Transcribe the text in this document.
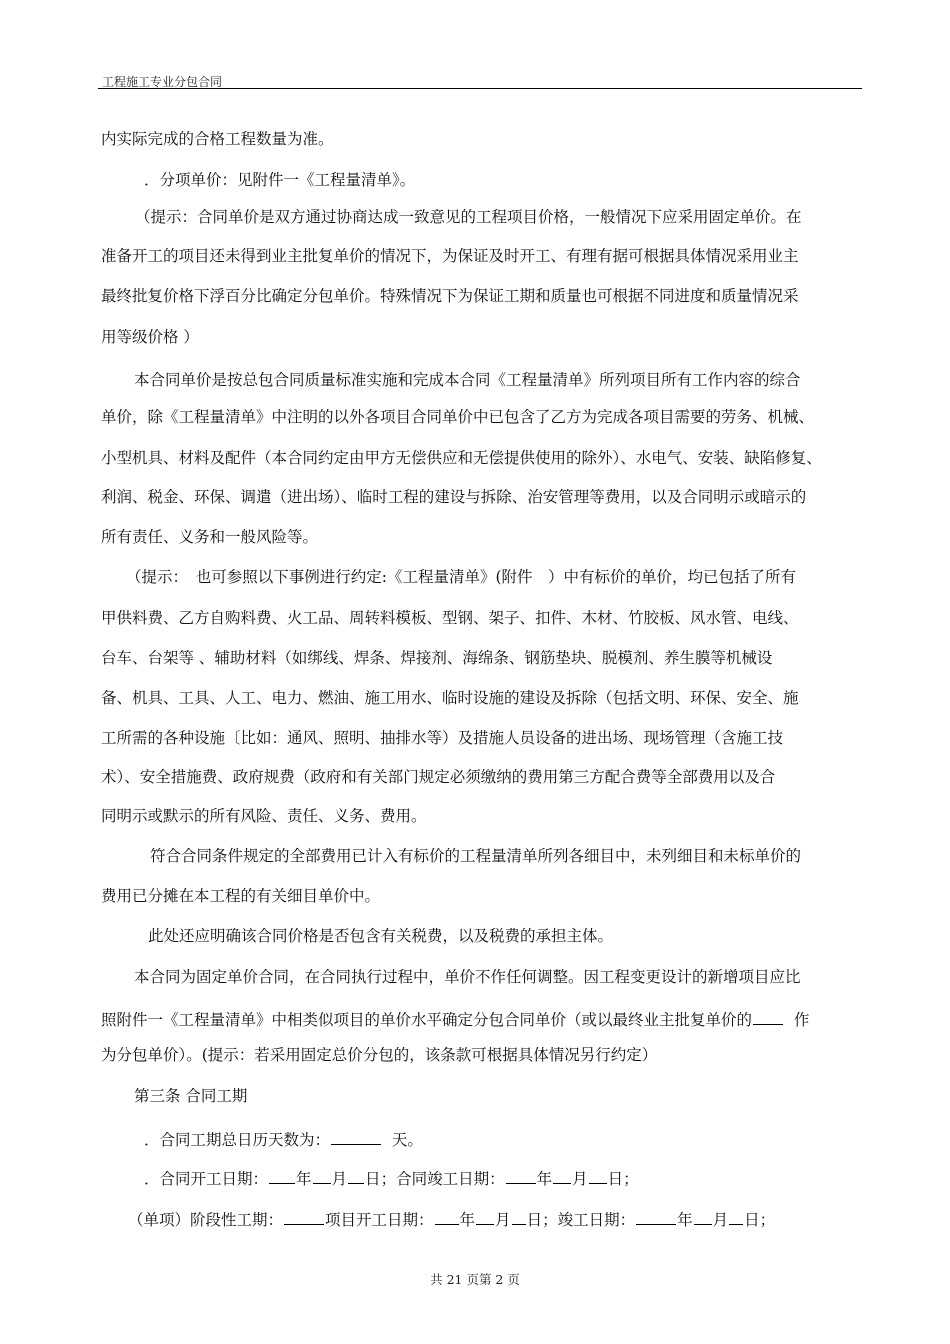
工程施工专业分包合同
内实际完成的合格工程数量为准。
．分项单价：见附件一《工程量清单》。
（提示：合同单价是双方通过协商达成一致意见的工程项目价格，一般情况下应采用固定单价。在
准备开工的项目还未得到业主批复单价的情况下，为保证及时开工、有理有据可根据具体情况采用业主
最终批复价格下浮百分比确定分包单价。特殊情况下为保证工期和质量也可根据不同进度和质量情况采
用等级价格 ）
本合同单价是按总包合同质量标准实施和完成本合同《工程量清单》所列项目所有工作内容的综合
单价，除《工程量清单》中注明的以外各项目合同单价中已包含了乙方为完成各项目需要的劳务、机械、
小型机具、材料及配件（本合同约定由甲方无偿供应和无偿提供使用的除外）、水电气、安装、缺陷修复、
利润、税金、环保、调遣（进出场）、临时工程的建设与拆除、治安管理等费用，以及合同明示或暗示的
所有责任、义务和一般风险等。
（提示：　也可参照以下事例进行约定:《工程量清单》(附件　）中有标价的单价，均已包括了所有
甲供料费、乙方自购料费、火工品、周转料模板、型钢、架子、扣件、木材、竹胶板、风水管、电线、
台车、台架等 、辅助材料（如绑线、焊条、焊接剂、海绵条、钢筋垫块、脱模剂、养生膜等机械设
备、机具、工具、人工、电力、燃油、施工用水、临时设施的建设及拆除（包括文明、环保、安全、施
工所需的各种设施〔比如：通风、照明、抽排水等）及措施人员设备的进出场、现场管理（含施工技
术）、安全措施费、政府规费（政府和有关部门规定必须缴纳的费用第三方配合费等全部费用以及合
同明示或默示的所有风险、责任、义务、费用。
符合合同条件规定的全部费用已计入有标价的工程量清单所列各细目中，未列细目和未标单价的
费用已分摊在本工程的有关细目单价中。
此处还应明确该合同价格是否包含有关税费，以及税费的承担主体。
本合同为固定单价合同，在合同执行过程中，单价不作任何调整。因工程变更设计的新增项目应比
照附件一《工程量清单》中相类似项目的单价水平确定分包合同单价（或以最终业主批复单价的	作
为分包单价）。(提示：若采用固定总价分包的，该条款可根据具体情况另行约定）
第三条 合同工期
．合同工期总日历天数为：	天。
．合同开工日期： 年 月 日；合同竣工日期： 年 月 日；
（单项）阶段性工期：	项目开工日期： 年 月 日；竣工日期：	年 月 日；
共 21 页第 2 页
